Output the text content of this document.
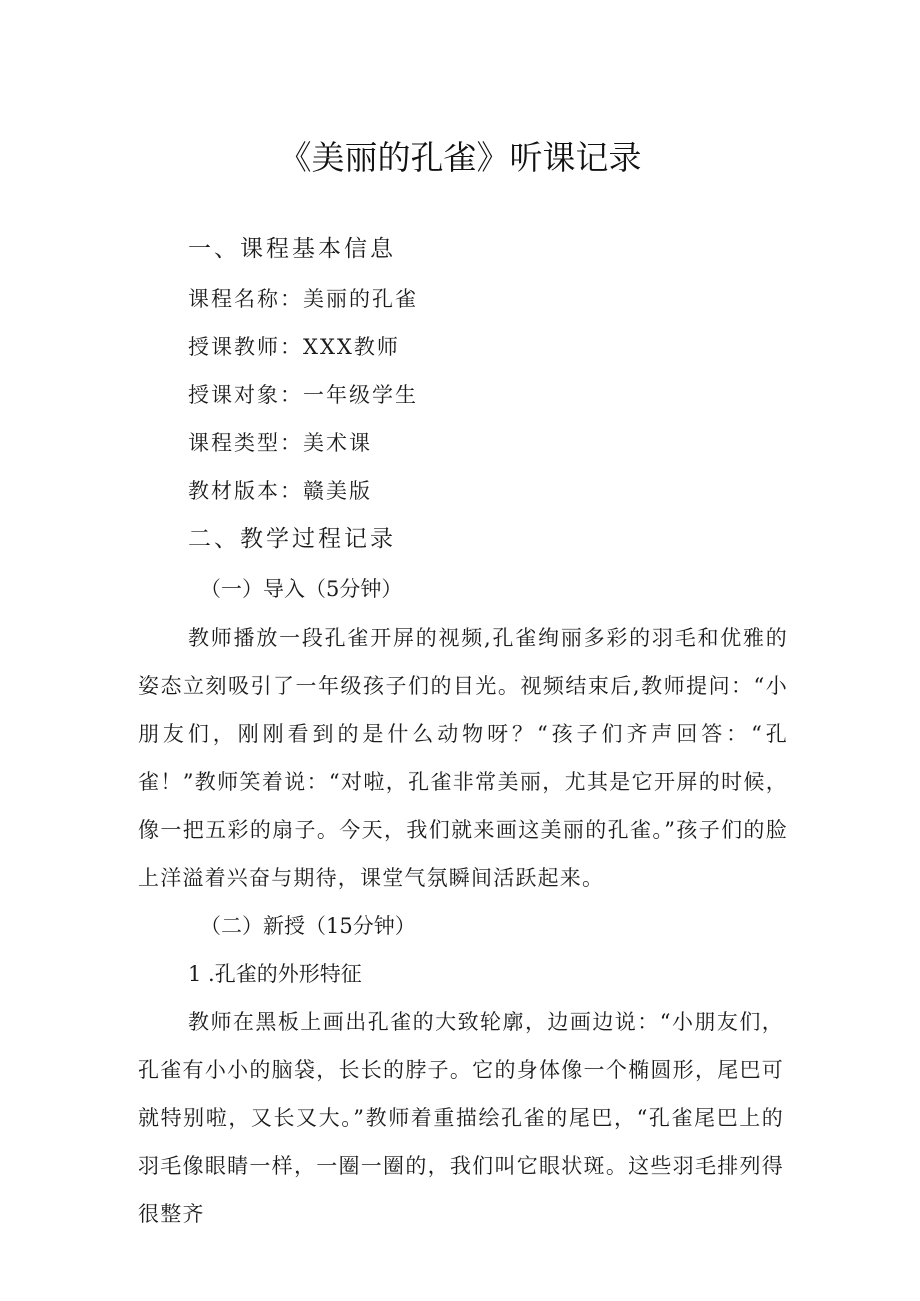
《美丽的孔雀》听课记录
一、课程基本信息
课程名称：美丽的孔雀
授课教师：XXX教师
授课对象：一年级学生
课程类型：美术课
教材版本：赣美版
二、教学过程记录
（一）导入（5分钟）
教师播放一段孔雀开屏的视频,孔雀绚丽多彩的羽毛和优雅的姿态立刻吸引了一年级孩子们的目光。视频结束后,教师提问：“小朋友们，刚刚看到的是什么动物呀？“孩子们齐声回答：“孔雀！”教师笑着说：“对啦，孔雀非常美丽，尤其是它开屏的时候，像一把五彩的扇子。今天，我们就来画这美丽的孔雀。”孩子们的脸上洋溢着兴奋与期待，课堂气氛瞬间活跃起来。
（二）新授（15分钟）
1 .孔雀的外形特征
教师在黑板上画出孔雀的大致轮廓，边画边说：“小朋友们，孔雀有小小的脑袋，长长的脖子。它的身体像一个椭圆形，尾巴可就特别啦，又长又大。”教师着重描绘孔雀的尾巴，“孔雀尾巴上的羽毛像眼睛一样，一圈一圈的，我们叫它眼状斑。这些羽毛排列得很整齐
